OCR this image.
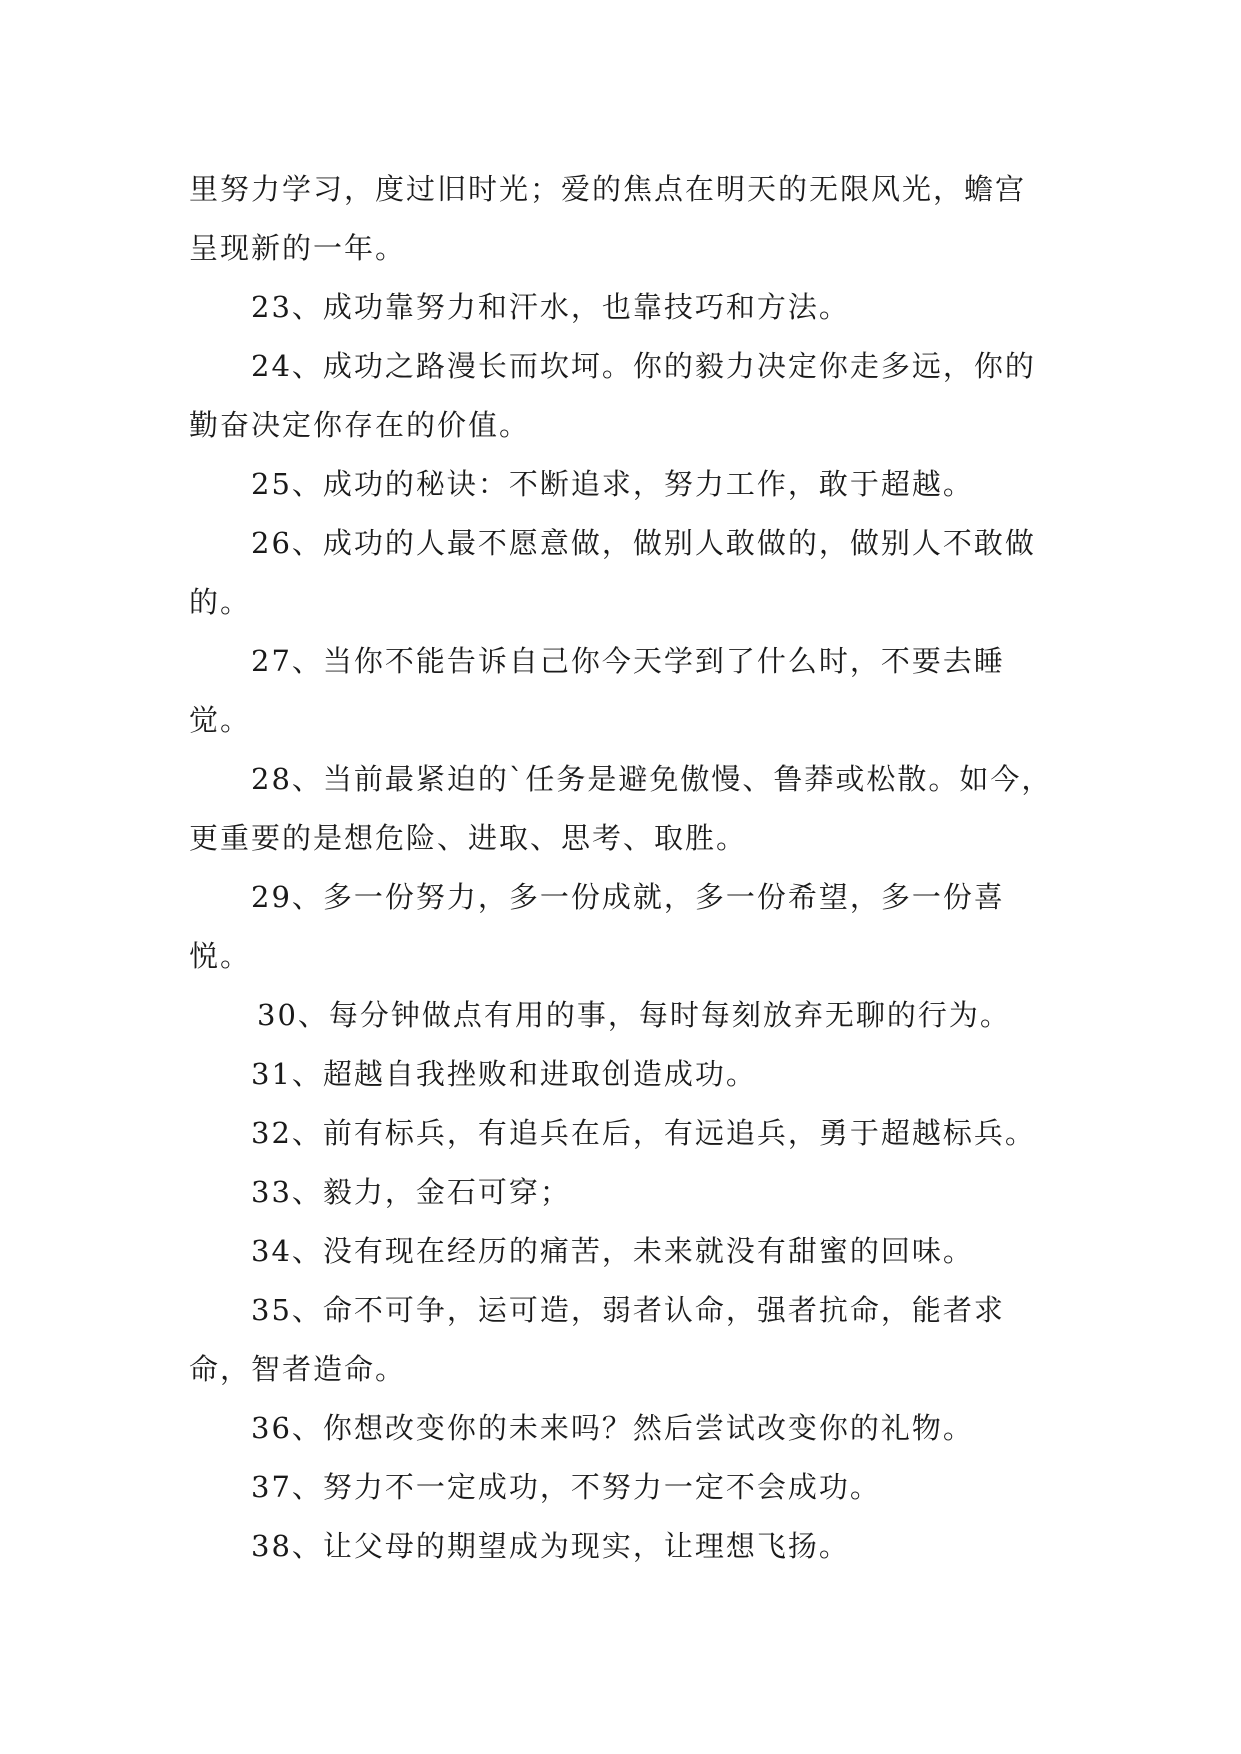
里努力学习，度过旧时光；爱的焦点在明天的无限风光，蟾宫呈现新的一年。

23、成功靠努力和汗水，也靠技巧和方法。

24、成功之路漫长而坎坷。你的毅力决定你走多远，你的勤奋决定你存在的价值。

25、成功的秘诀：不断追求，努力工作，敢于超越。

26、成功的人最不愿意做，做别人敢做的，做别人不敢做的。

27、当你不能告诉自己你今天学到了什么时，不要去睡觉。

28、当前最紧迫的`任务是避免傲慢、鲁莽或松散。如今，更重要的是想危险、进取、思考、取胜。

29、多一份努力，多一份成就，多一份希望，多一份喜悦。

30、每分钟做点有用的事，每时每刻放弃无聊的行为。

31、超越自我挫败和进取创造成功。

32、前有标兵，有追兵在后，有远追兵，勇于超越标兵。

33、毅力，金石可穿；

34、没有现在经历的痛苦，未来就没有甜蜜的回味。

35、命不可争，运可造，弱者认命，强者抗命，能者求命，智者造命。

36、你想改变你的未来吗？然后尝试改变你的礼物。

37、努力不一定成功，不努力一定不会成功。

38、让父母的期望成为现实，让理想飞扬。
